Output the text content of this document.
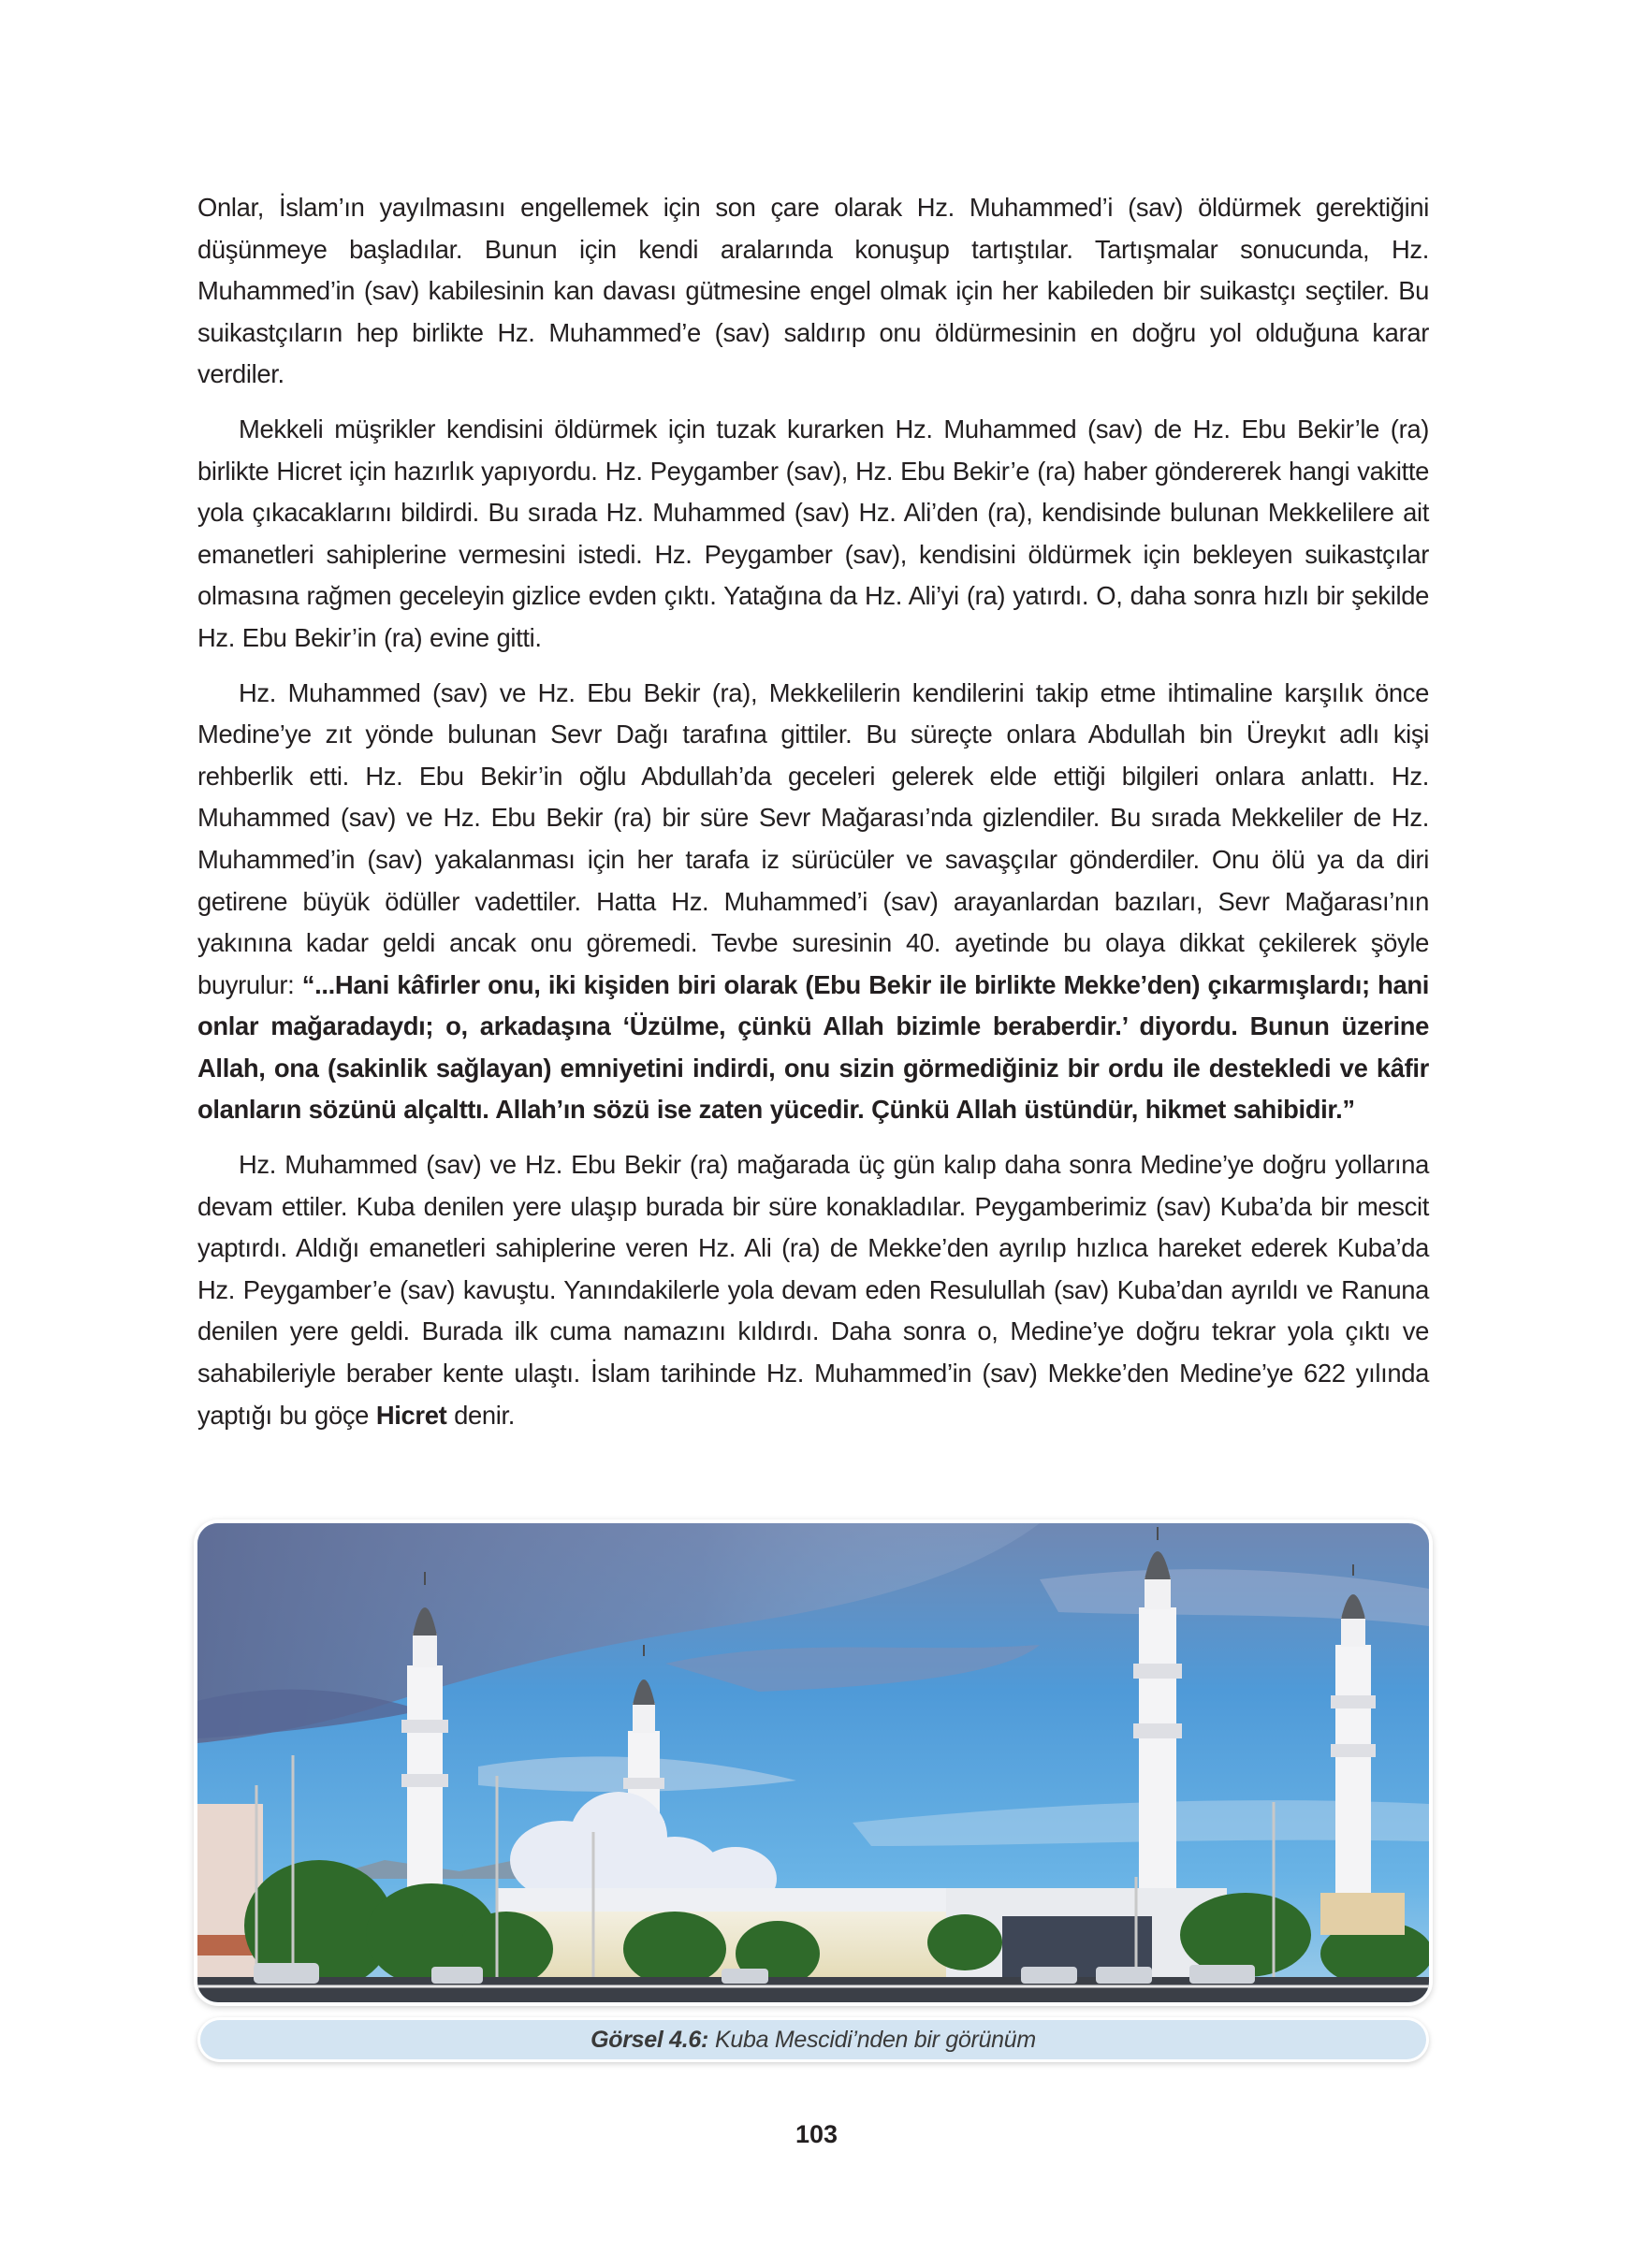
Onlar, İslam’ın yayılmasını engellemek için son çare olarak Hz. Muhammed’i (sav) öldürmek gerektiğini düşünmeye başladılar. Bunun için kendi aralarında konuşup tartıştılar. Tartışmalar sonucunda, Hz. Muhammed’in (sav) kabilesinin kan davası gütmesine engel olmak için her kabileden bir suikastçı seçtiler. Bu suikastçıların hep birlikte Hz. Muhammed’e (sav) saldırıp onu öldürmesinin en doğru yol olduğuna karar verdiler.

Mekkeli müşrikler kendisini öldürmek için tuzak kurarken Hz. Muhammed (sav) de Hz. Ebu Bekir’le (ra) birlikte Hicret için hazırlık yapıyordu. Hz. Peygamber (sav), Hz. Ebu Bekir’e (ra) haber göndererek hangi vakitte yola çıkacaklarını bildirdi. Bu sırada Hz. Muhammed (sav) Hz. Ali’den (ra), kendisinde bulunan Mekkelilere ait emanetleri sahiplerine vermesini istedi. Hz. Peygamber (sav), kendisini öldürmek için bekleyen suikastçılar olmasına rağmen geceleyin gizlice evden çıktı. Yatağına da Hz. Ali’yi (ra) yatırdı. O, daha sonra hızlı bir şekilde Hz. Ebu Bekir’in (ra) evine gitti.

Hz. Muhammed (sav) ve Hz. Ebu Bekir (ra), Mekkelilerin kendilerini takip etme ihtimaline karşılık önce Medine’ye zıt yönde bulunan Sevr Dağı tarafına gittiler. Bu süreçte onlara Abdullah bin Üreykıt adlı kişi rehberlik etti. Hz. Ebu Bekir’in oğlu Abdullah’da geceleri gelerek elde ettiği bilgileri onlara anlattı. Hz. Muhammed (sav) ve Hz. Ebu Bekir (ra) bir süre Sevr Mağarası’nda gizlendiler. Bu sırada Mekkeliler de Hz. Muhammed’in (sav) yakalanması için her tarafa iz sürücüler ve savaşçılar gönderdiler. Onu ölü ya da diri getirene büyük ödüller vadettiler. Hatta Hz. Muhammed’i (sav) arayanlardan bazıları, Sevr Mağarası’nın yakınına kadar geldi ancak onu göremedi. Tevbe suresinin 40. ayetinde bu olaya dikkat çekilerek şöyle buyrulur: “...Hani kâfirler onu, iki kişiden biri olarak (Ebu Bekir ile birlikte Mekke’den) çıkarmışlardı; hani onlar mağaradaydı; o, arkadaşına ‘Üzülme, çünkü Allah bizimle beraberdir.’ diyordu. Bunun üzerine Allah, ona (sakinlik sağlayan) emniyetini indirdi, onu sizin görmediğiniz bir ordu ile destekledi ve kâfir olanların sözünü alçalttı. Allah’ın sözü ise zaten yücedir. Çünkü Allah üstündür, hikmet sahibidir.”

Hz. Muhammed (sav) ve Hz. Ebu Bekir (ra) mağarada üç gün kalıp daha sonra Medine’ye doğru yollarına devam ettiler. Kuba denilen yere ulaşıp burada bir süre konakladılar. Peygamberimiz (sav) Kuba’da bir mescit yaptırdı. Aldığı emanetleri sahiplerine veren Hz. Ali (ra) de Mekke’den ayrılıp hızlıca hareket ederek Kuba’da Hz. Peygamber’e (sav) kavuştu. Yanındakilerle yola devam eden Resulullah (sav) Kuba’dan ayrıldı ve Ranuna denilen yere geldi. Burada ilk cuma namazını kıldırdı. Daha sonra o, Medine’ye doğru tekrar yola çıktı ve sahabileriyle beraber kente ulaştı. İslam tarihinde Hz. Muhammed’in (sav) Mekke’den Medine’ye 622 yılında yaptığı bu göçe Hicret denir.

Görsel 4.6: Kuba Mescidi’nden bir görünüm
103
